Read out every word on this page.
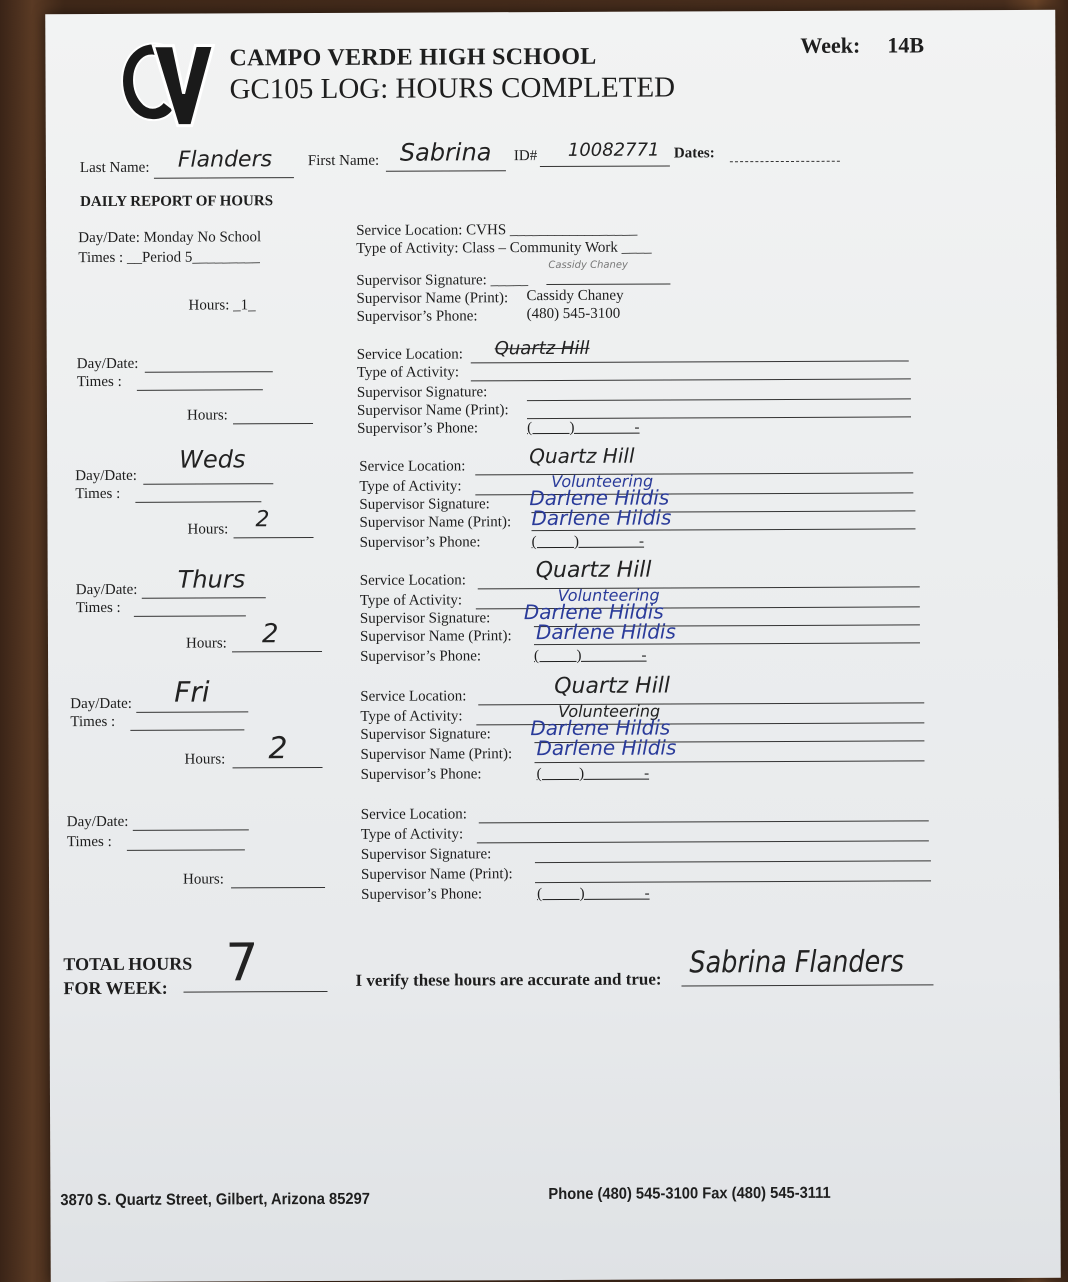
CAMPO VERDE HIGH SCHOOL
GC105 LOG: HOURS COMPLETED
Week: 14B
Last Name: Flanders First Name: Sabrina ID# 10082771 Dates:
DAILY REPORT OF HOURS
Day/Date: Monday No School
Times : __Period 5_________
Hours: _1_
Service Location: CVHS _________________
Type of Activity: Class – Community Work ____
Supervisor Signature: _____
Cassidy Chaney
Supervisor Name (Print): Cassidy Chaney
Supervisor’s Phone:	(480) 545-3100
Day/Date:
Times :
Hours:
Service Location: Quartz Hill
Type of Activity:
Supervisor Signature:
Supervisor Name (Print):
Supervisor’s Phone:	(          )                -
Day/Date:
Weds
Times :
Hours: 2
Service Location:	Quartz Hill
Type of Activity:	Volunteering
Supervisor Signature: Darlene Hildis
Supervisor Name (Print): Darlene Hildis
Supervisor’s Phone:	(          )                -
Day/Date: Thurs
Times :
Hours: 2
Service Location:	Quartz Hill
Type of Activity:	Volunteering
Supervisor Signature: Darlene Hildis
Supervisor Name (Print): Darlene Hildis
Supervisor’s Phone:	(          )                -
Day/Date: Fri
Times :
Hours: 2
Service Location:	Quartz Hill
Type of Activity:	Volunteering
Supervisor Signature: Darlene Hildis
Supervisor Name (Print): Darlene Hildis
Supervisor’s Phone:	(          )                -
Day/Date:
Times :
Hours:
Service Location:
Type of Activity:
Supervisor Signature:
Supervisor Name (Print):
Supervisor’s Phone:	(          )                -
TOTAL HOURS
FOR WEEK:	7	I verify these hours are accurate and true: Sabrina Flanders
3870 S. Quartz Street, Gilbert, Arizona 85297	Phone (480) 545-3100 Fax (480) 545-3111
